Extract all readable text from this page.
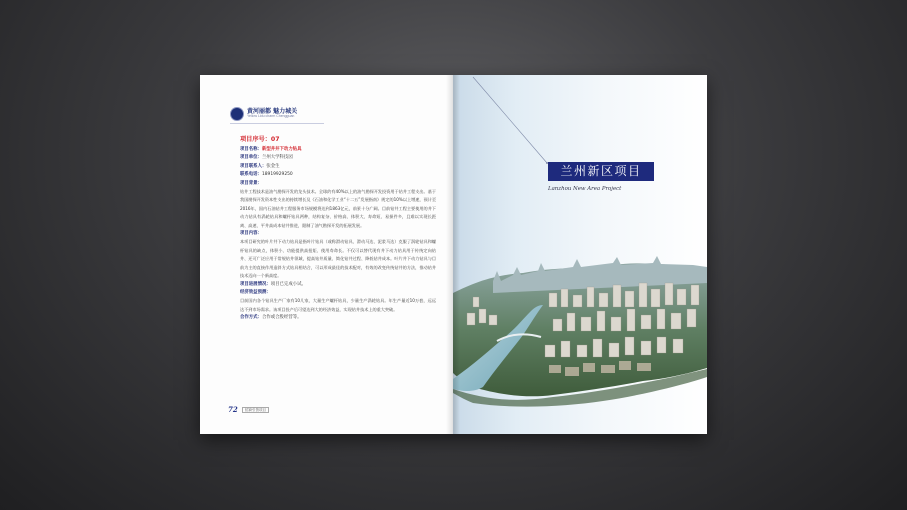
黄河丽都 魅力城关
Yellow Lidu charm Chengguan
项目序号：07
项目名称：新型井井下动力钻具
项目单位：兰州大学科技园
项目联系人：张金生
联系电话：18919929250
项目背景：

钻井工程技术是油气勘探开发的龙头技术。全球约有40%以上的油气勘探开发投资用于钻井工程支出。基于我国勘探开发资本性支出的持续增长及《石油和化学工业“十二五”发展指南》规定的10%以上增速，预计至2016年，国内石油钻井工程服务市场规模将达到1863亿元，前景十分广阔。目前钻井工程主要使用的井下动力钻具有涡轮钻具和螺杆钻具两种，结构复杂、价格高、体积大、寿命短、易损件多，且难以实现长距离、高速、平井高成本钻井推进，限制了油气勘探开发的拓展发展。

项目内容：

本项目研究的叶片井下动力钻具是指叶片钻具（或称滑动钻具、滑动马达、泥浆马达）克服了涡轮钻具和螺杆钻具的缺点，体积小、功能提供高扭矩、使用寿命长。不仅可以替代现有井下动力钻具用于传统定向钻井、还可广泛应用于常规钻井领域，提高钻井质量、简化钻井过程、降低钻井成本。叶片井下动力钻具与目前为主的直接作用造斜方式钻具相结合，可以形成最佳的技术配对，有效的改变传统钻井的方法，推动钻井技术迈向一个新高度。

项目进展情况：项目已完成小试。
经济效益预测：

目前国内各个钻具生产厂家有10几家，大量生产螺杆钻具，少量生产涡轮钻具。年生产量近10万套，远远达不到市场需求。该项目投产后可望达到大的经济效益，实现钻井技术上的重大突破。

合作方式：合作或合股经营等。
72	招商引资项目
兰州新区项目
Lanzhou New Area Project
